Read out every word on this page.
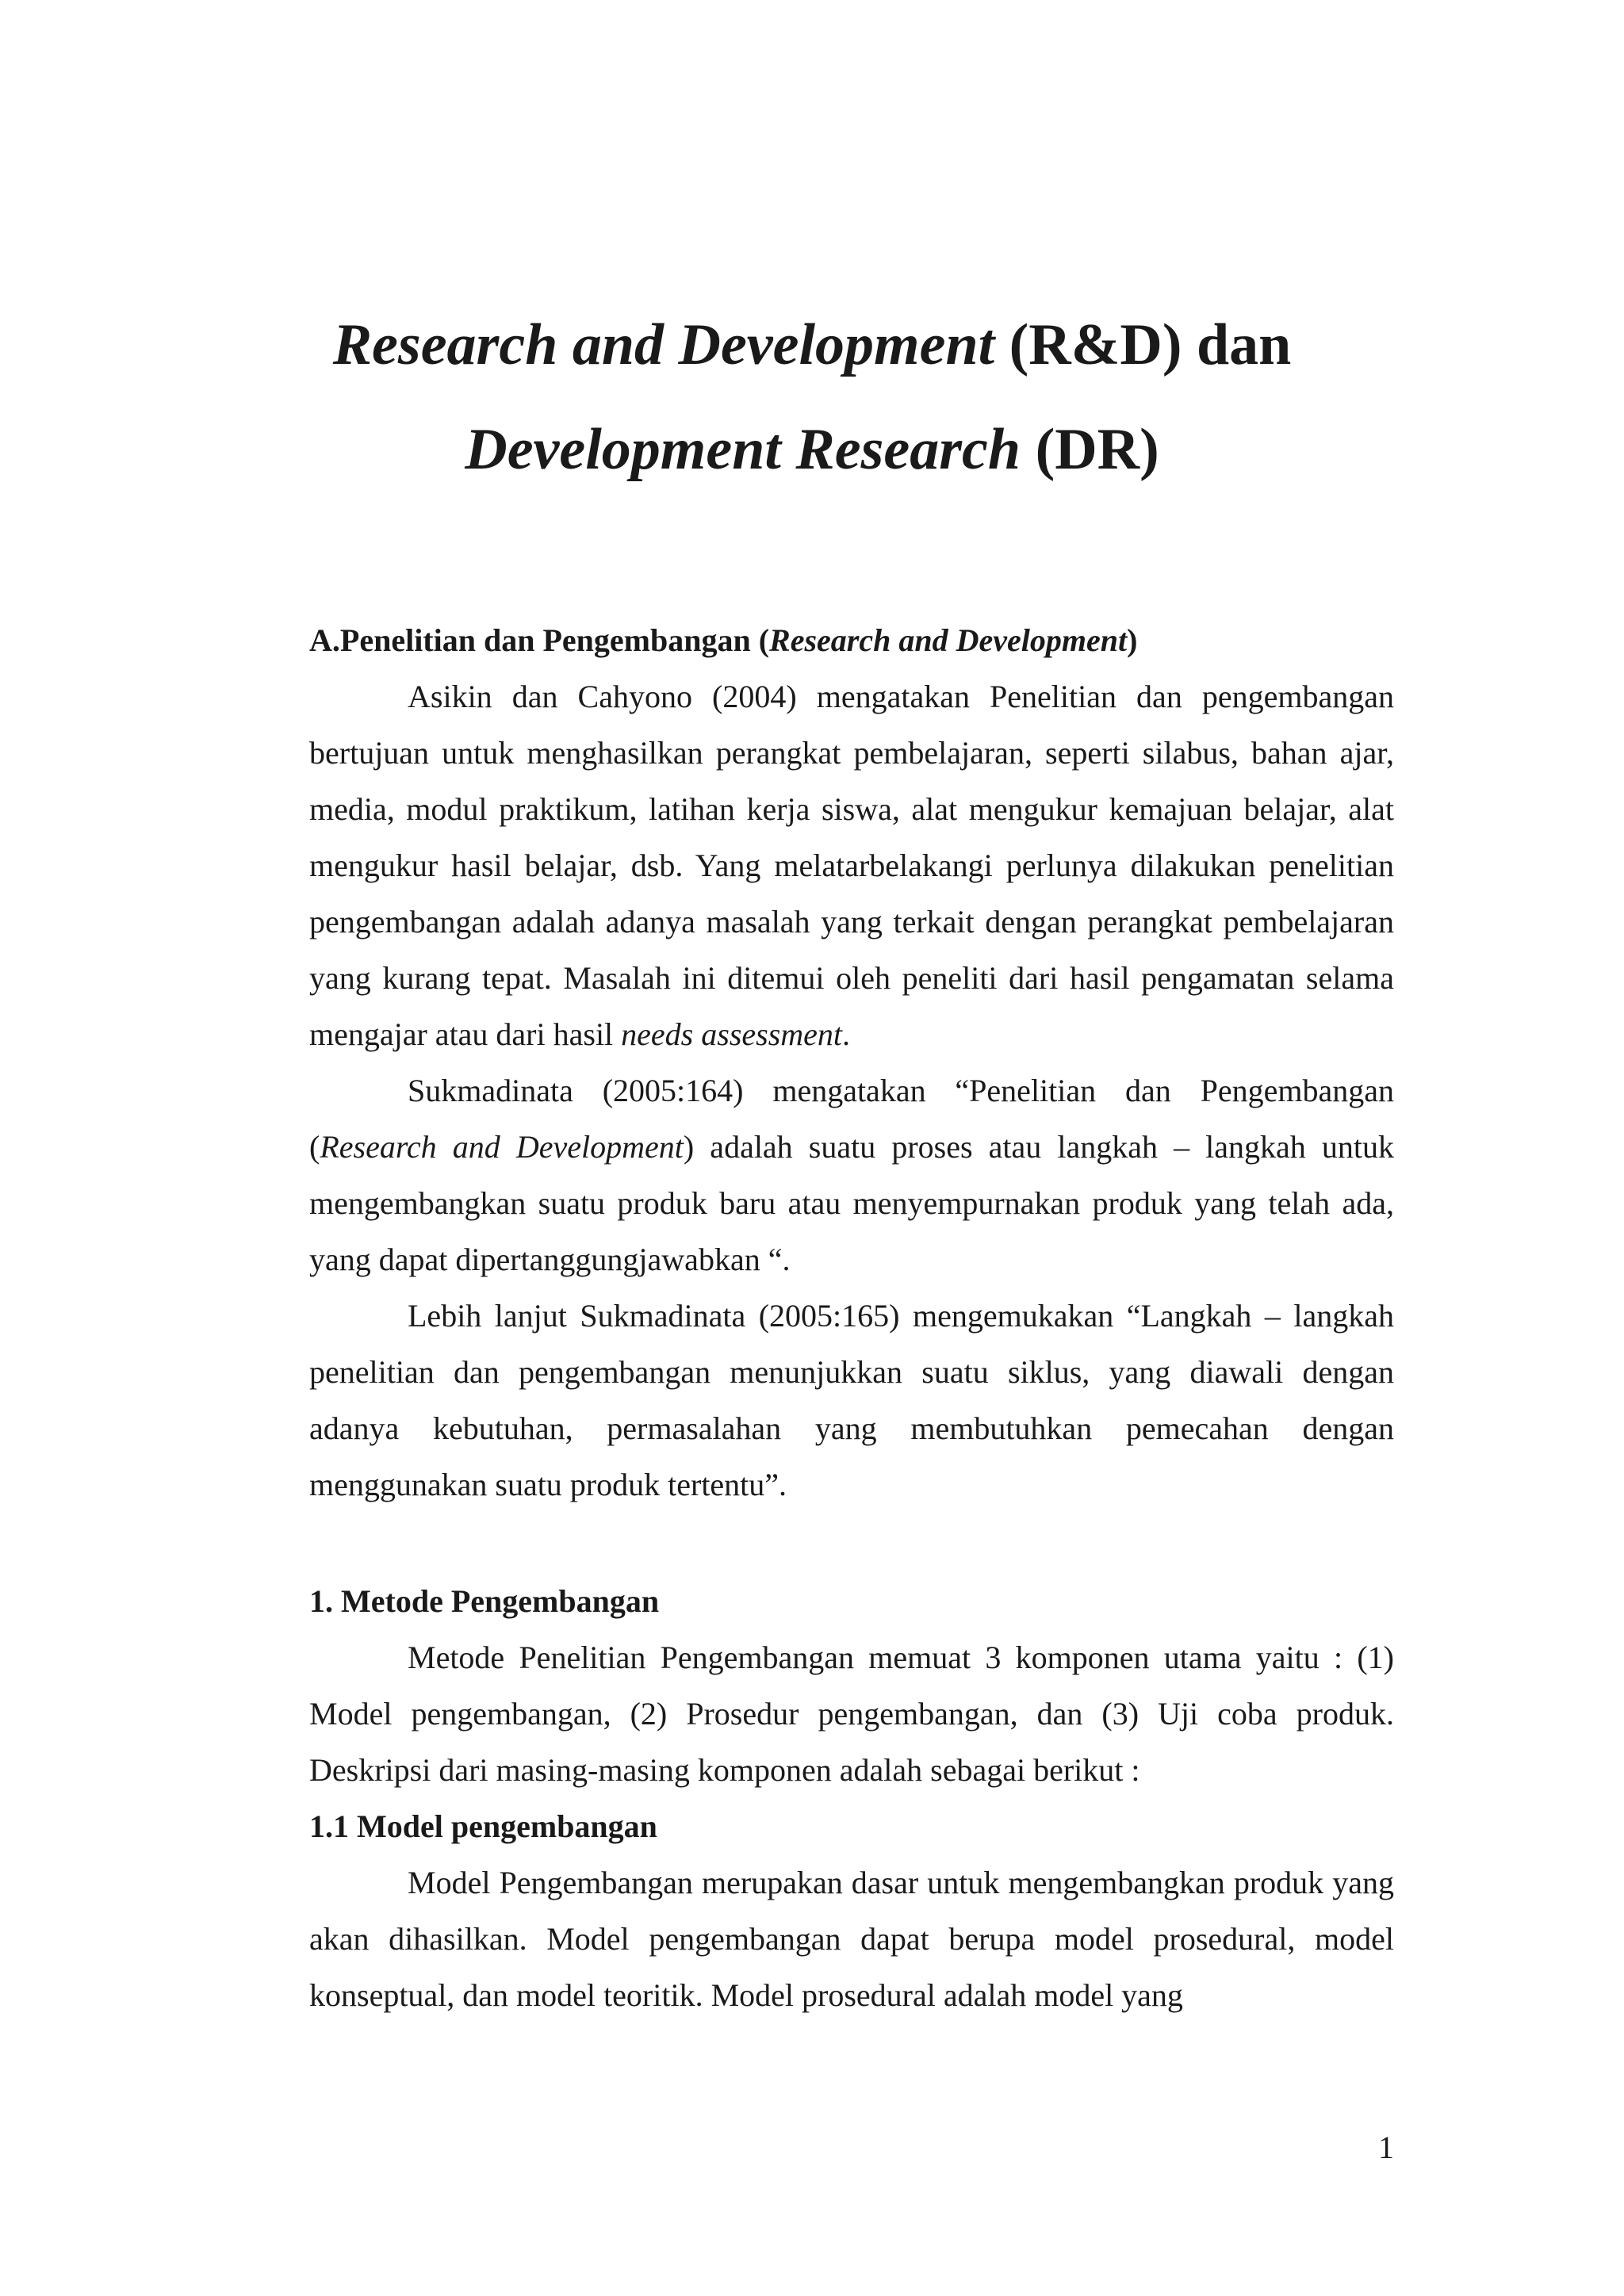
Research and Development (R&D) dan
Development Research (DR)
A.Penelitian dan Pengembangan (Research and Development)
Asikin dan Cahyono (2004) mengatakan Penelitian dan pengembangan bertujuan untuk menghasilkan perangkat pembelajaran, seperti silabus, bahan ajar, media, modul praktikum, latihan kerja siswa, alat mengukur kemajuan belajar, alat mengukur hasil belajar, dsb. Yang melatarbelakangi perlunya dilakukan penelitian pengembangan adalah adanya masalah yang terkait dengan perangkat pembelajaran yang kurang tepat. Masalah ini ditemui oleh peneliti dari hasil pengamatan selama mengajar atau dari hasil needs assessment.
Sukmadinata (2005:164) mengatakan “Penelitian dan Pengembangan (Research and Development) adalah suatu proses atau langkah – langkah untuk mengembangkan suatu produk baru atau menyempurnakan produk yang telah ada, yang dapat dipertanggungjawabkan “.
Lebih lanjut Sukmadinata (2005:165) mengemukakan “Langkah – langkah penelitian dan pengembangan menunjukkan suatu siklus, yang diawali dengan adanya kebutuhan, permasalahan yang membutuhkan pemecahan dengan menggunakan suatu produk tertentu”.
1. Metode Pengembangan
Metode Penelitian Pengembangan memuat 3 komponen utama yaitu : (1) Model pengembangan, (2) Prosedur pengembangan, dan (3) Uji coba produk. Deskripsi dari masing-masing komponen adalah sebagai berikut :
1.1 Model pengembangan
Model Pengembangan merupakan dasar untuk mengembangkan produk yang akan dihasilkan. Model pengembangan dapat berupa model prosedural, model konseptual, dan model teoritik. Model prosedural adalah model yang
1
